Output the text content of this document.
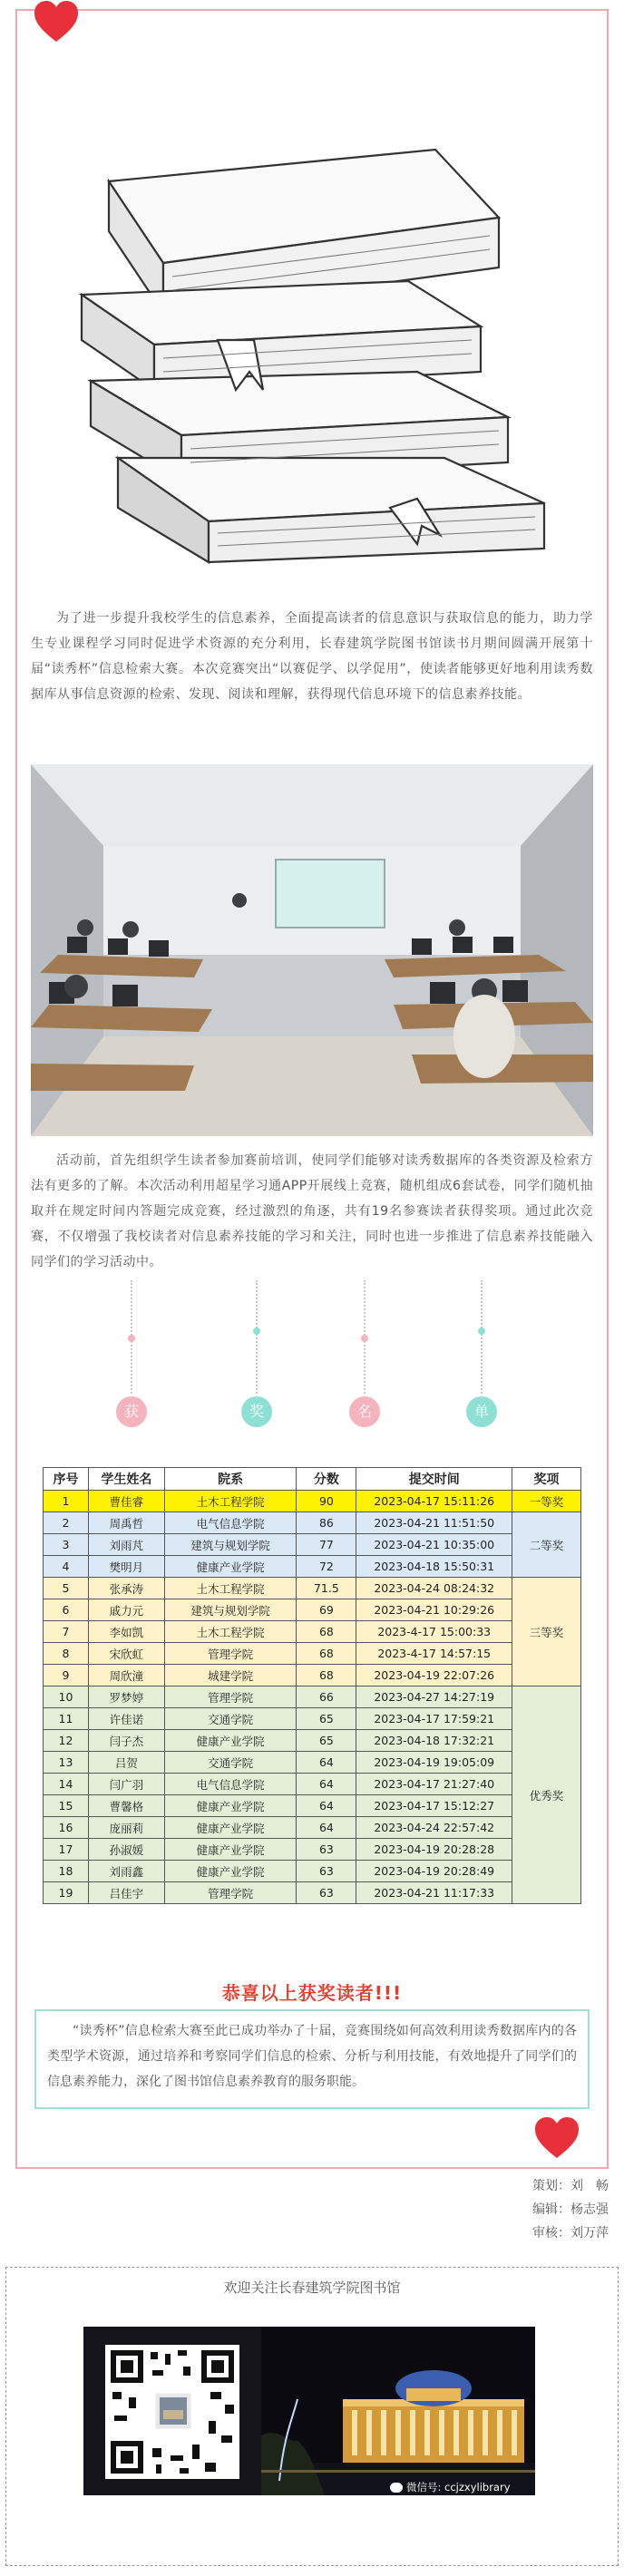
为了进一步提升我校学生的信息素养，全面提高读者的信息意识与获取信息的能力，助力学生专业课程学习同时促进学术资源的充分利用，长春建筑学院图书馆读书月期间圆满开展第十届“读秀杯”信息检索大赛。本次竞赛突出“以赛促学、以学促用”，使读者能够更好地利用读秀数据库从事信息资源的检索、发现、阅读和理解，获得现代信息环境下的信息素养技能。

活动前，首先组织学生读者参加赛前培训，使同学们能够对读秀数据库的各类资源及检索方法有更多的了解。本次活动利用超星学习通APP开展线上竞赛，随机组成6套试卷，同学们随机抽取并在规定时间内答题完成竞赛，经过激烈的角逐，共有19名参赛读者获得奖项。通过此次竞赛，不仅增强了我校读者对信息素养技能的学习和关注，同时也进一步推进了信息素养技能融入同学们的学习活动中。

获	奖	名	单
序号	学生姓名	院系	分数	提交时间	奖项
1	曹佳睿	土木工程学院	90	2023-04-17 15:11:26	一等奖
2	周禹哲	电气信息学院	86	2023-04-21 11:51:50	二等奖
3	刘雨芃	建筑与规划学院	77	2023-04-21 10:35:00	
4	樊明月	健康产业学院	72	2023-04-18 15:50:31	
5	张承涛	土木工程学院	71.5	2023-04-24 08:24:32	三等奖
6	戚力元	建筑与规划学院	69	2023-04-21 10:29:26	
7	李如凯	土木工程学院	68	2023-4-17 15:00:33	
8	宋欣虹	管理学院	68	2023-4-17 14:57:15	
9	周欣潼	城建学院	68	2023-04-19 22:07:26	
10	罗梦婷	管理学院	66	2023-04-27 14:27:19	优秀奖
11	许佳诺	交通学院	65	2023-04-17 17:59:21	
12	闫子杰	健康产业学院	65	2023-04-18 17:32:21	
13	吕贺	交通学院	64	2023-04-19 19:05:09	
14	闫广羽	电气信息学院	64	2023-04-17 21:27:40	
15	曹馨格	健康产业学院	64	2023-04-17 15:12:27	
16	庞丽莉	健康产业学院	64	2023-04-24 22:57:42	
17	孙淑媛	健康产业学院	63	2023-04-19 20:28:28	
18	刘雨鑫	健康产业学院	63	2023-04-19 20:28:49	
19	吕佳宇	管理学院	63	2023-04-21 11:17:33	
恭喜以上获奖读者!!!
“读秀杯”信息检索大赛至此已成功举办了十届，竞赛围绕如何高效利用读秀数据库内的各类型学术资源，通过培养和考察同学们信息的检索、分析与利用技能，有效地提升了同学们的信息素养能力，深化了图书馆信息素养教育的服务职能。
策划：刘　畅
编辑：杨志强
审核：刘万萍
欢迎关注长春建筑学院图书馆
微信号: ccjzxylibrary
